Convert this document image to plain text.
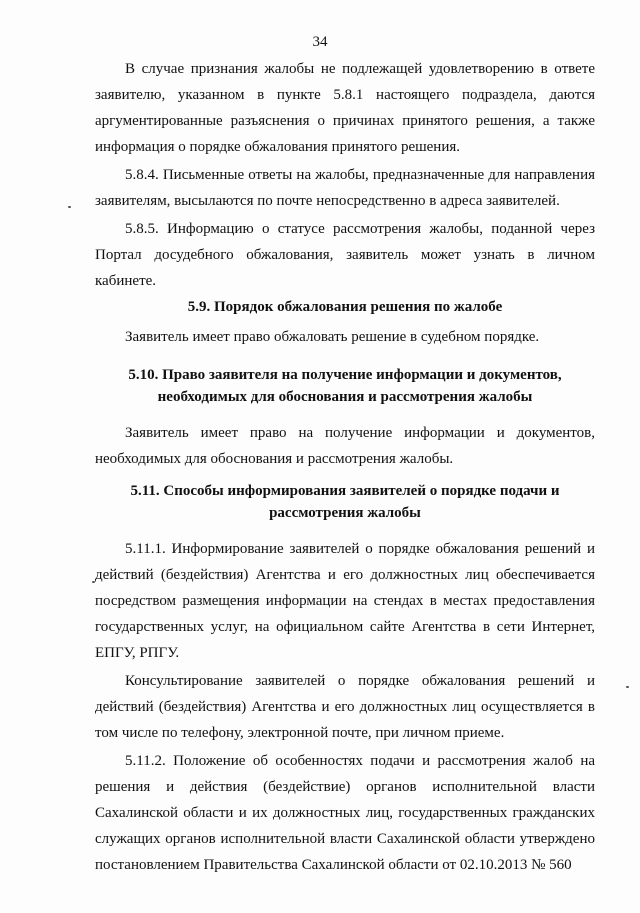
34

В случае признания жалобы не подлежащей удовлетворению в ответе заявителю, указанном в пункте 5.8.1 настоящего подраздела, даются аргументированные разъяснения о причинах принятого решения, а также информация о порядке обжалования принятого решения.

5.8.4. Письменные ответы на жалобы, предназначенные для направления заявителям, высылаются по почте непосредственно в адреса заявителей.

5.8.5. Информацию о статусе рассмотрения жалобы, поданной через Портал досудебного обжалования, заявитель может узнать в личном кабинете.

5.9. Порядок обжалования решения по жалобе

Заявитель имеет право обжаловать решение в судебном порядке.

5.10. Право заявителя на получение информации и документов,

необходимых для обоснования и рассмотрения жалобы

Заявитель имеет право на получение информации и документов, необходимых для обоснования и рассмотрения жалобы.

5.11. Способы информирования заявителей о порядке подачи и

рассмотрения жалобы

5.11.1. Информирование заявителей о порядке обжалования решений и действий (бездействия) Агентства и его должностных лиц обеспечивается посредством размещения информации на стендах в местах предоставления государственных услуг, на официальном сайте Агентства в сети Интернет, ЕПГУ, РПГУ.

Консультирование заявителей о порядке обжалования решений и действий (бездействия) Агентства и его должностных лиц осуществляется в том числе по телефону, электронной почте, при личном приеме.

5.11.2. Положение об особенностях подачи и рассмотрения жалоб на решения и действия (бездействие) органов исполнительной власти Сахалинской области и их должностных лиц, государственных гражданских служащих органов исполнительной власти Сахалинской области утверждено постановлением Правительства Сахалинской области от 02.10.2013 № 560
